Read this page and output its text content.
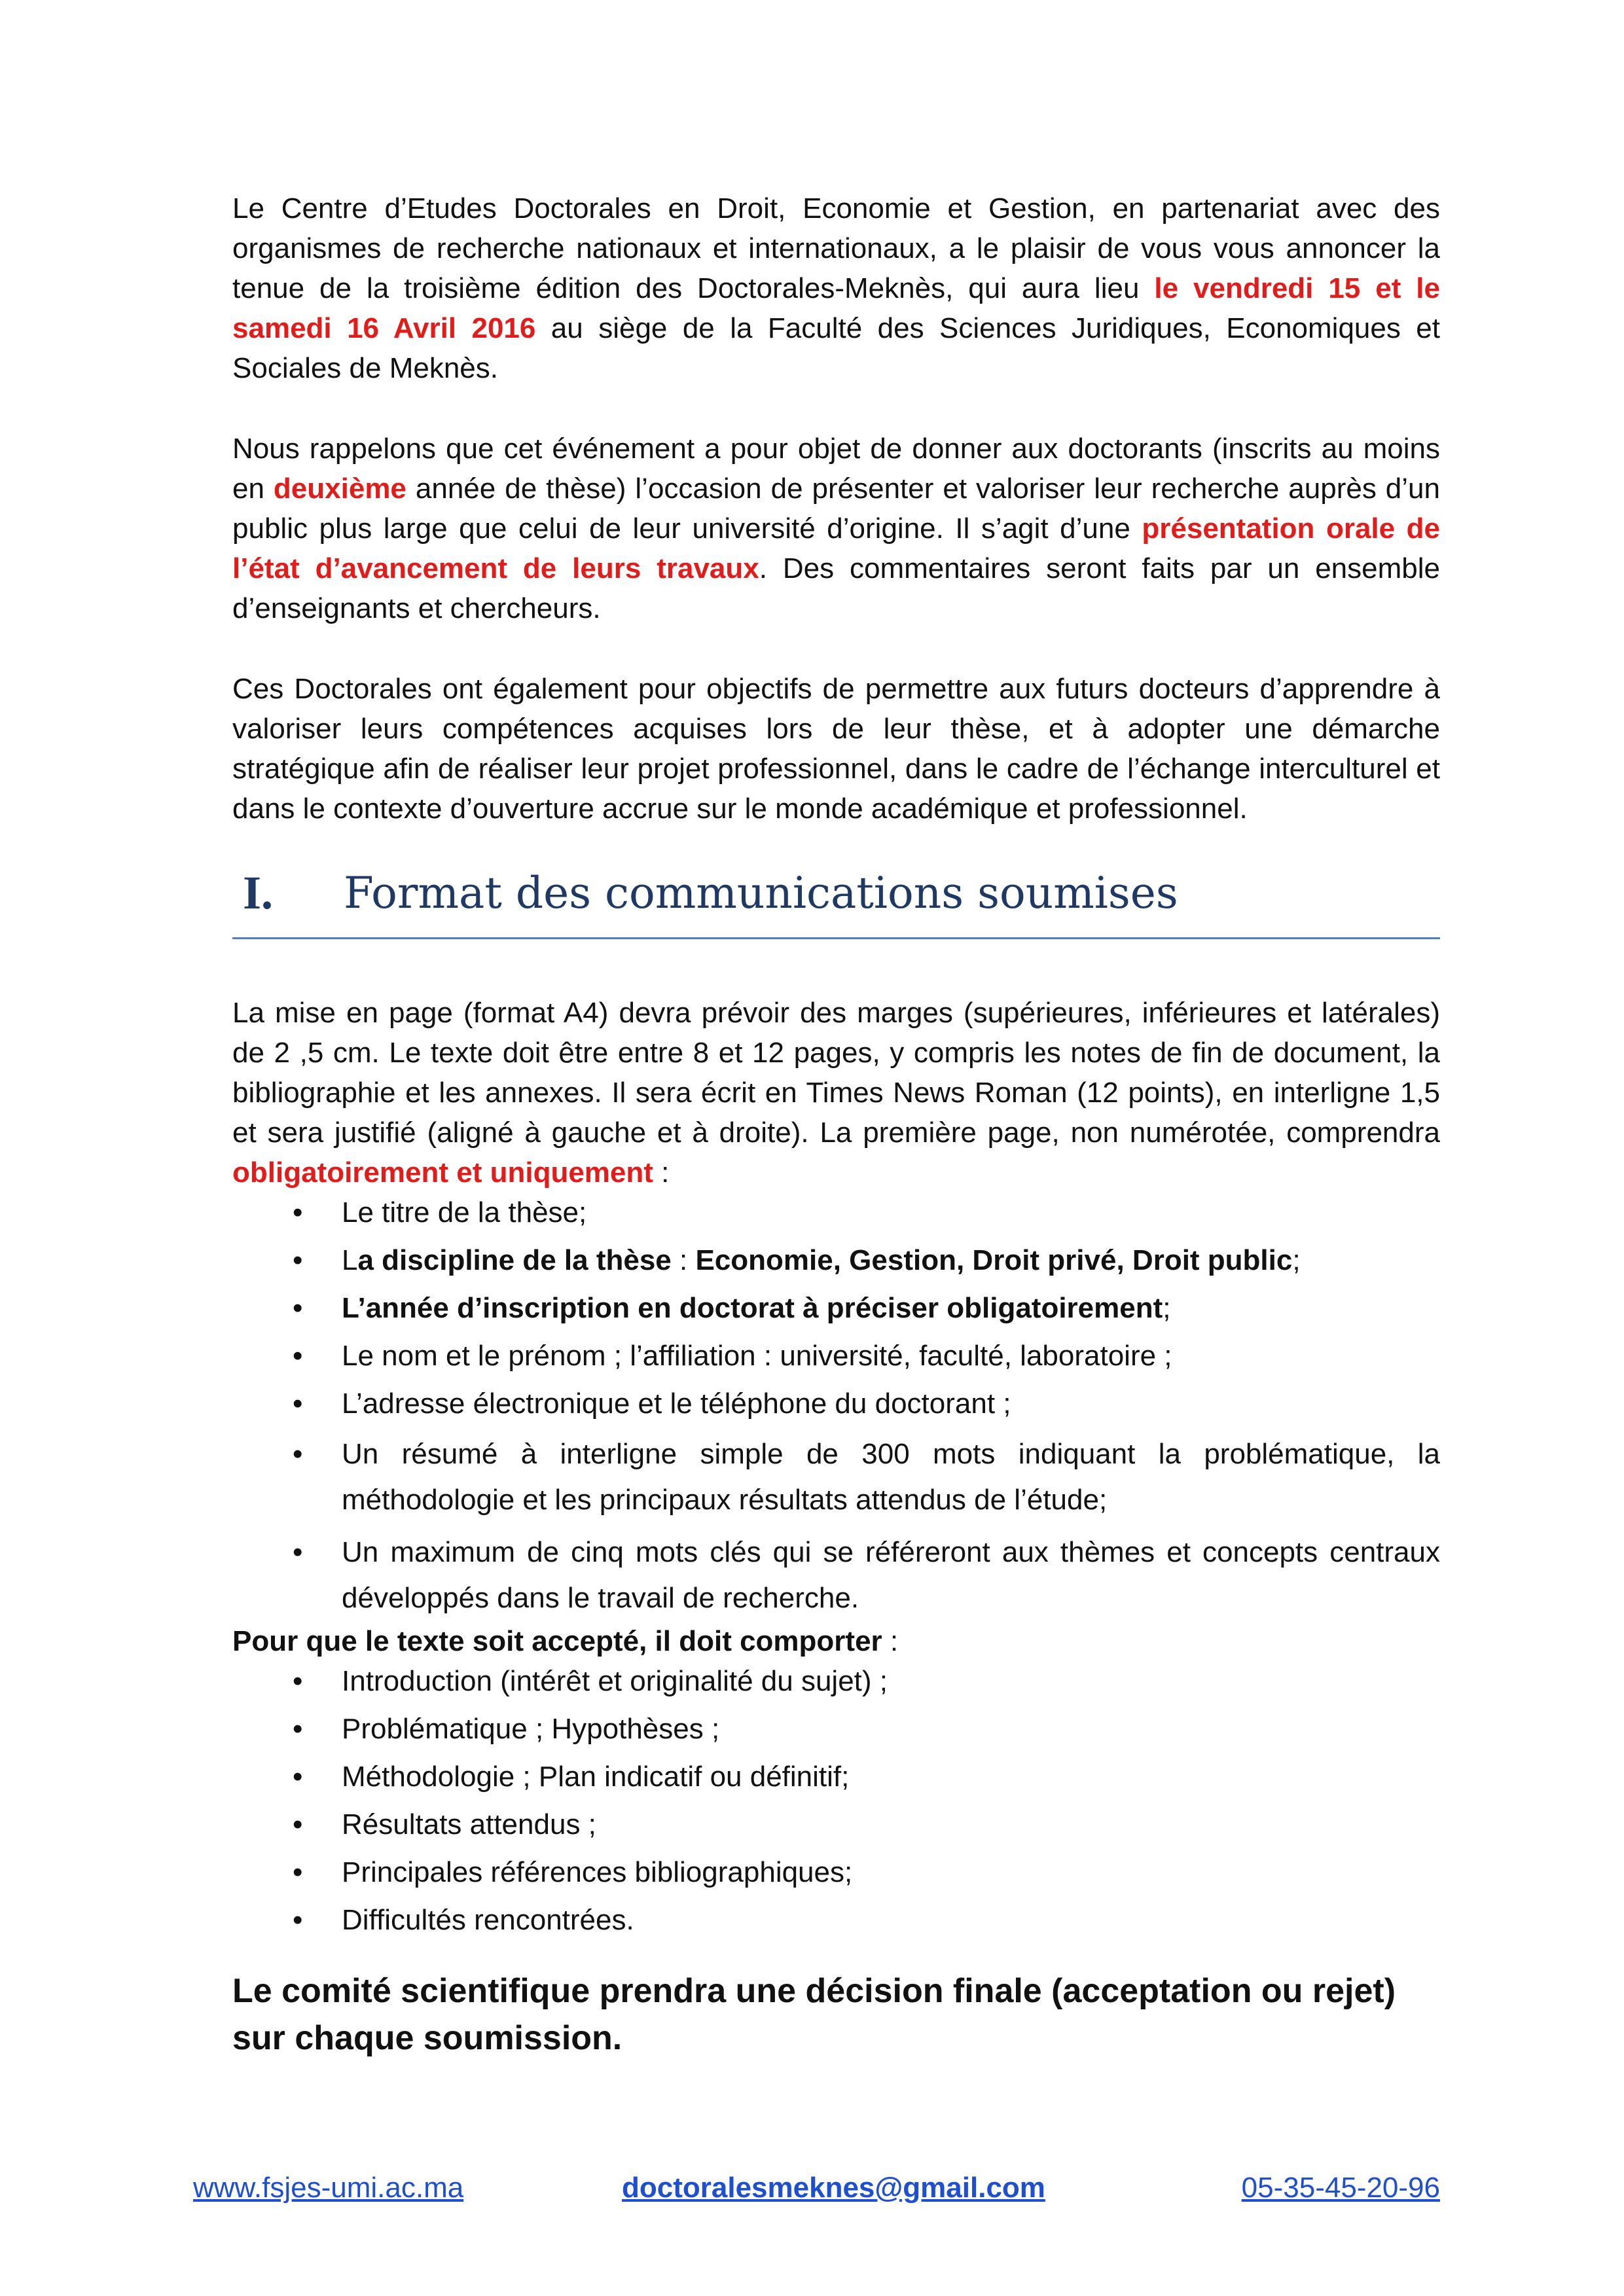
Le Centre d’Etudes Doctorales en Droit, Economie et Gestion, en partenariat avec des organismes de recherche nationaux et internationaux, a le plaisir de vous vous annoncer la tenue de la troisième édition des Doctorales-Meknès, qui aura lieu le vendredi 15 et le samedi 16 Avril 2016 au siège de la Faculté des Sciences Juridiques, Economiques et Sociales de Meknès.

Nous rappelons que cet événement a pour objet de donner aux doctorants (inscrits au moins en deuxième année de thèse) l’occasion de présenter et valoriser leur recherche auprès d’un public plus large que celui de leur université d’origine. Il s’agit d’une présentation orale de l’état d’avancement de leurs travaux. Des commentaires seront faits par un ensemble d’enseignants et chercheurs.

Ces Doctorales ont également pour objectifs de permettre aux futurs docteurs d’apprendre à valoriser leurs compétences acquises lors de leur thèse, et à adopter une démarche stratégique afin de réaliser leur projet professionnel, dans le cadre de l’échange interculturel et dans le contexte d’ouverture accrue sur le monde académique et professionnel.

I. Format des communications soumises

La mise en page (format A4) devra prévoir des marges (supérieures, inférieures et latérales) de 2 ,5 cm. Le texte doit être entre 8 et 12 pages, y compris les notes de fin de document, la bibliographie et les annexes. Il sera écrit en Times News Roman (12 points), en interligne 1,5 et sera justifié (aligné à gauche et à droite). La première page, non numérotée, comprendra obligatoirement et uniquement :

• Le titre de la thèse;
• La discipline de la thèse : Economie, Gestion, Droit privé, Droit public;
• L’année d’inscription en doctorat à préciser obligatoirement;
• Le nom et le prénom ; l’affiliation : université, faculté, laboratoire ;
• L’adresse électronique et le téléphone du doctorant ;
• Un résumé à interligne simple de 300 mots indiquant la problématique, la méthodologie et les principaux résultats attendus de l’étude;
• Un maximum de cinq mots clés qui se référeront aux thèmes et concepts centraux développés dans le travail de recherche.

Pour que le texte soit accepté, il doit comporter :

• Introduction (intérêt et originalité du sujet) ;
• Problématique ; Hypothèses ;
• Méthodologie ; Plan indicatif ou définitif;
• Résultats attendus ;
• Principales références bibliographiques;
• Difficultés rencontrées.

Le comité scientifique prendra une décision finale (acceptation ou rejet) sur chaque soumission.

www.fsjes-umi.ac.ma	doctoralesmeknes@gmail.com	05-35-45-20-96
